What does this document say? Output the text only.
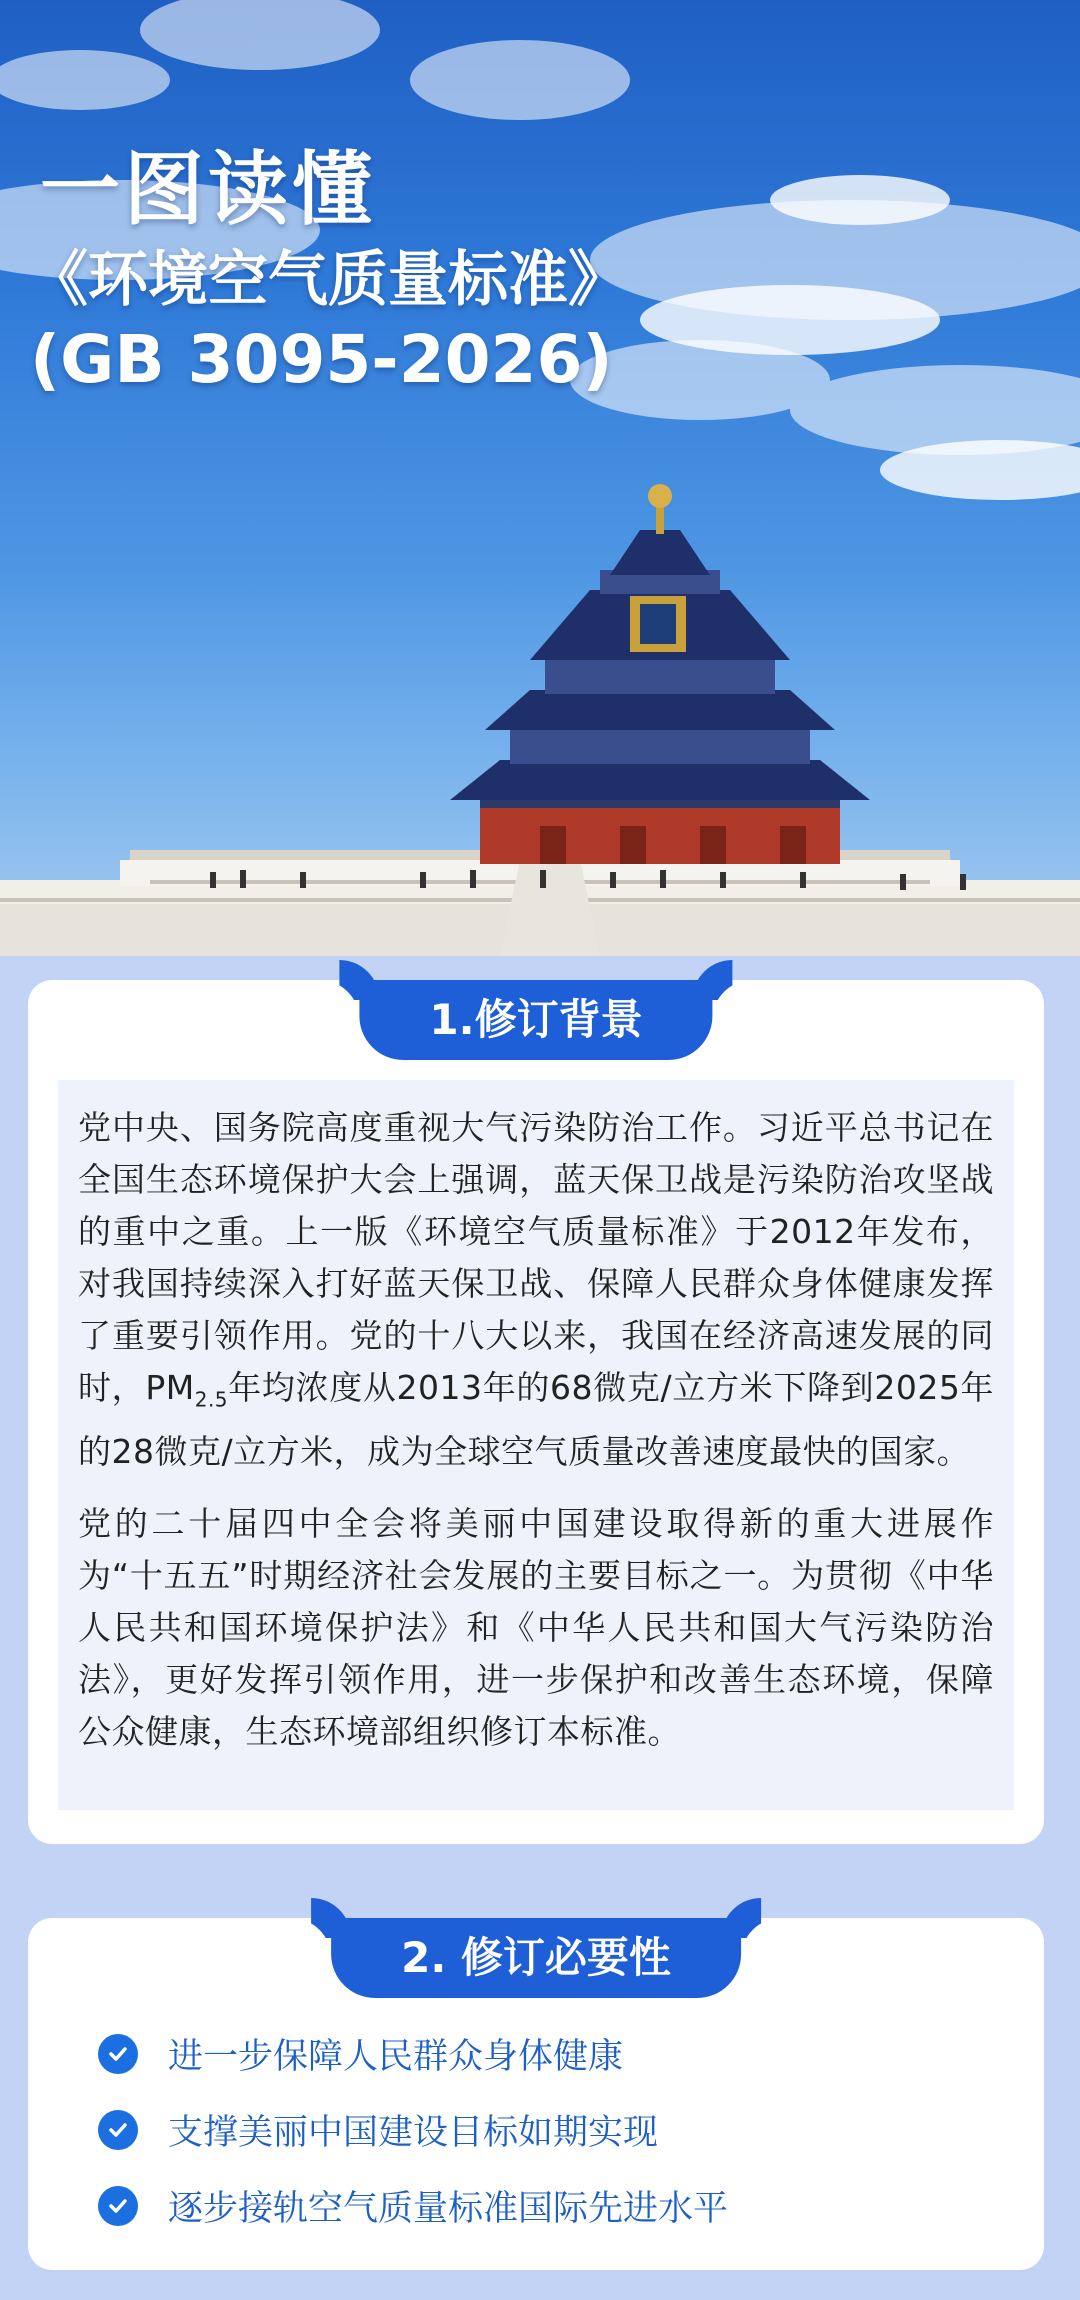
一图读懂
《环境空气质量标准》
(GB 3095-2026)
1.修订背景

党中央、国务院高度重视大气污染防治工作。习近平总书记在全国生态环境保护大会上强调，蓝天保卫战是污染防治攻坚战的重中之重。上一版《环境空气质量标准》于2012年发布，对我国持续深入打好蓝天保卫战、保障人民群众身体健康发挥了重要引领作用。党的十八大以来，我国在经济高速发展的同时，$PM_{2.5}$年均浓度从2013年的68微克/立方米下降到2025年的28微克/立方米，成为全球空气质量改善速度最快的国家。

党的二十届四中全会将美丽中国建设取得新的重大进展作为“十五五”时期经济社会发展的主要目标之一。为贯彻《中华人民共和国环境保护法》和《中华人民共和国大气污染防治法》，更好发挥引领作用，进一步保护和改善生态环境，保障公众健康，生态环境部组织修订本标准。

2. 修订必要性
进一步保障人民群众身体健康
支撑美丽中国建设目标如期实现
逐步接轨空气质量标准国际先进水平
